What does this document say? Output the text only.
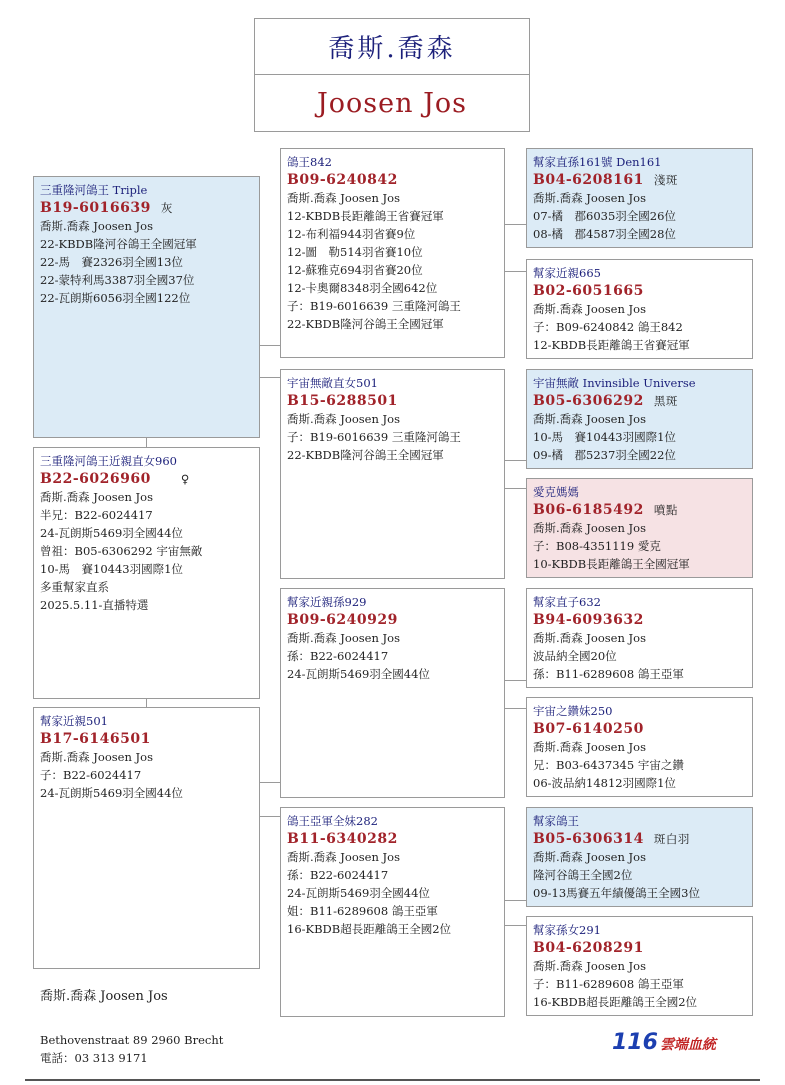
喬斯.喬森
Joosen Jos
三重隆河鴿王 Triple
B19-6016639 灰
喬斯.喬森 Joosen Jos
22-KBDB隆河谷鴿王全國冠軍
22-馬　賽2326羽全國13位
22-蒙特利馬3387羽全國37位
22-瓦朗斯6056羽全國122位
三重隆河鴿王近親直女960
B22-6026960	♀
喬斯.喬森 Joosen Jos
半兄：B22-6024417
24-瓦朗斯5469羽全國44位
曾祖：B05-6306292 宇宙無敵
10-馬　賽10443羽國際1位
多重幫家直系
2025.5.11-直播特選
幫家近親501
B17-6146501
喬斯.喬森 Joosen Jos
子：B22-6024417
24-瓦朗斯5469羽全國44位
鴿王842
B09-6240842
喬斯.喬森 Joosen Jos
12-KBDB長距離鴿王省賽冠軍
12-布利福944羽省賽9位
12-圖　勒514羽省賽10位
12-蘇雅克694羽省賽20位
12-卡奧爾8348羽全國642位
子：B19-6016639 三重隆河鴿王
22-KBDB隆河谷鴿王全國冠軍
宇宙無敵直女501
B15-6288501
喬斯.喬森 Joosen Jos
子：B19-6016639 三重隆河鴿王
22-KBDB隆河谷鴿王全國冠軍
幫家近親孫929
B09-6240929
喬斯.喬森 Joosen Jos
孫：B22-6024417
24-瓦朗斯5469羽全國44位
鴿王亞軍全妹282
B11-6340282
喬斯.喬森 Joosen Jos
孫：B22-6024417
24-瓦朗斯5469羽全國44位
姐：B11-6289608 鴿王亞軍
16-KBDB超長距離鴿王全國2位
幫家直孫161號 Den161
B04-6208161 淺斑
喬斯.喬森 Joosen Jos
07-橘　郡6035羽全國26位
08-橘　郡4587羽全國28位
幫家近親665
B02-6051665
喬斯.喬森 Joosen Jos
子：B09-6240842 鴿王842
12-KBDB長距離鴿王省賽冠軍
宇宙無敵 Invinsible Universe
B05-6306292 黑斑
喬斯.喬森 Joosen Jos
10-馬　賽10443羽國際1位
09-橘　郡5237羽全國22位
愛克媽媽
B06-6185492 噴點
喬斯.喬森 Joosen Jos
子：B08-4351119 愛克
10-KBDB長距離鴿王全國冠軍
幫家直子632
B94-6093632
喬斯.喬森 Joosen Jos
波品納全國20位
孫：B11-6289608 鴿王亞軍
宇宙之鑽妹250
B07-6140250
喬斯.喬森 Joosen Jos
兄：B03-6437345 宇宙之鑽
06-波品納14812羽國際1位
幫家鴿王
B05-6306314 斑白羽
喬斯.喬森 Joosen Jos
隆河谷鴿王全國2位
09-13馬賽五年績優鴿王全國3位
幫家孫女291
B04-6208291
喬斯.喬森 Joosen Jos
子：B11-6289608 鴿王亞軍
16-KBDB超長距離鴿王全國2位
喬斯.喬森 Joosen Jos
Bethovenstraat 89 2960 Brecht
電話：03 313 9171
116 雲端血統
